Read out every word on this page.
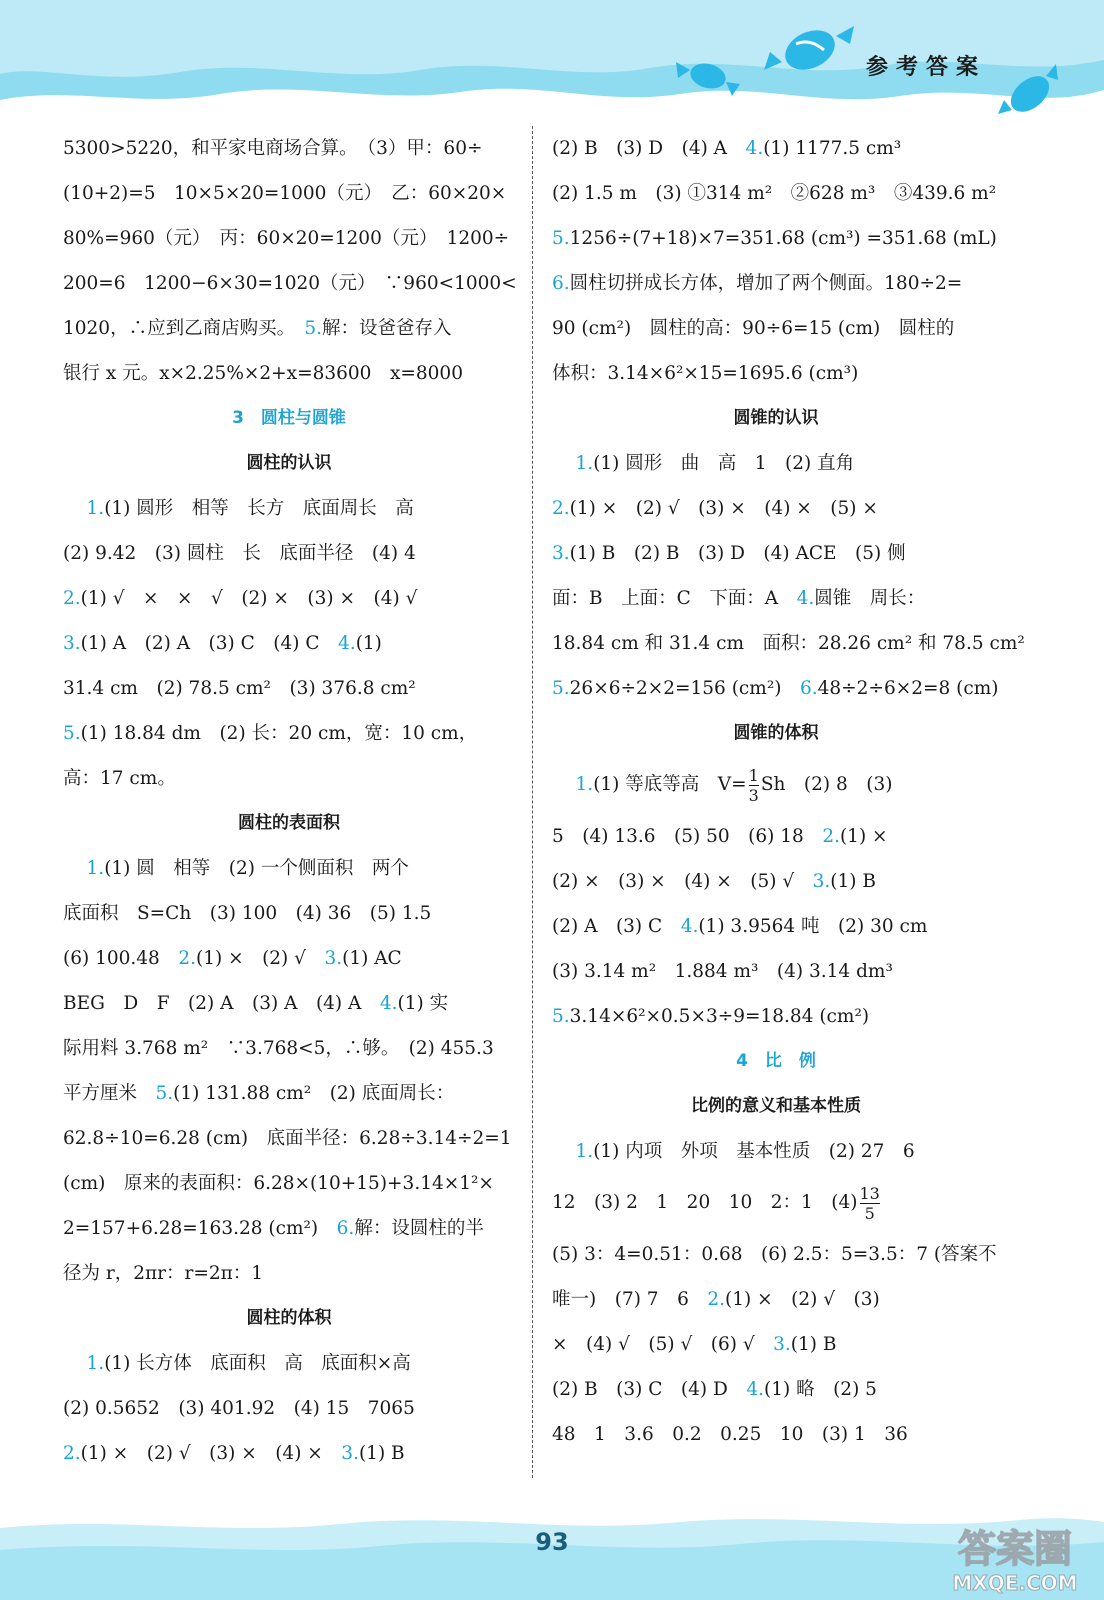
参考答案
5300>5220，和平家电商场合算。　（3）甲：60÷
(10+2)=5　10×5×20=1000（元）　乙：60×20×
80%=960（元）　丙：60×20=1200（元）　1200÷
200=6　1200−6×30=1020（元）　∵960<1000<
1020，∴应到乙商店购买。　5.解：设爸爸存入
银行 x 元。x×2.25%×2+x=83600　x=8000
3　圆柱与圆锥
圆柱的认识
1.(1) 圆形　相等　长方　底面周长　高
(2) 9.42　(3) 圆柱　长　底面半径　(4) 4
2.(1) √　×　×　√　(2) ×　(3) ×　(4) √
3.(1) A　(2) A　(3) C　(4) C　4.(1)
31.4 cm　(2) 78.5 cm²　(3) 376.8 cm²
5.(1) 18.84 dm　(2) 长：20 cm，宽：10 cm，
高：17 cm。
圆柱的表面积
1.(1) 圆　相等　(2) 一个侧面积　两个
底面积　S=Ch　(3) 100　(4) 36　(5) 1.5
(6) 100.48　2.(1) ×　(2) √　3.(1) AC
BEG　D　F　(2) A　(3) A　(4) A　4.(1) 实
际用料 3.768 m²　∵3.768<5，∴够。　(2) 455.3
平方厘米　5.(1) 131.88 cm²　(2) 底面周长：
62.8÷10=6.28 (cm)　底面半径：6.28÷3.14÷2=1
(cm)　原来的表面积：6.28×(10+15)+3.14×1²×
2=157+6.28=163.28 (cm²)　6.解：设圆柱的半
径为 r，2πr：r=2π：1
圆柱的体积
1.(1) 长方体　底面积　高　底面积×高
(2) 0.5652　(3) 401.92　(4) 15　7065
2.(1) ×　(2) √　(3) ×　(4) ×　3.(1) B
(2) B　(3) D　(4) A　4.(1) 1177.5 cm³
(2) 1.5 m　(3) ①314 m²　②628 m³　③439.6 m²
5.1256÷(7+18)×7=351.68 (cm³) =351.68 (mL)
6.圆柱切拼成长方体，增加了两个侧面。180÷2=
90 (cm²)　圆柱的高：90÷6=15 (cm)　圆柱的
体积：3.14×6²×15=1695.6 (cm³)
圆锥的认识
1.(1) 圆形　曲　高　1　(2) 直角
2.(1) ×　(2) √　(3) ×　(4) ×　(5) ×
3.(1) B　(2) B　(3) D　(4) ACE　(5) 侧
面：B　上面：C　下面：A　4.圆锥　周长：
18.84 cm 和 31.4 cm　面积：28.26 cm² 和 78.5 cm²
5.26×6÷2×2=156 (cm²)　6.48÷2÷6×2=8 (cm)
圆锥的体积
1.(1) 等底等高　$V= \frac{1}{3}$ Sh　(2) 8　(3)
5　(4) 13.6　(5) 50　(6) 18　2.(1) ×
(2) ×　(3) ×　(4) ×　(5) √　3.(1) B
(2) A　(3) C　4.(1) 3.9564 吨　(2) 30 cm
(3) 3.14 m²　1.884 m³　(4) 3.14 dm³
5.3.14×6²×0.5×3÷9=18.84 (cm²)
4　比　例
比例的意义和基本性质
1.(1) 内项　外项　基本性质　(2) 27　6
12　(3) 2　1　20　10　2：1　$(4) \frac{13}{5}$
(5) 3：4=0.51：0.68　(6) 2.5：5=3.5：7 (答案不
唯一)　(7) 7　6　2.(1) ×　(2) √　(3)
×　(4) √　(5) √　(6) √　3.(1) B
(2) B　(3) C　(4) D　4.(1) 略　(2) 5
48　1　3.6　0.2　0.25　10　(3) 1　36
93	答案圈
MXQE.COM
